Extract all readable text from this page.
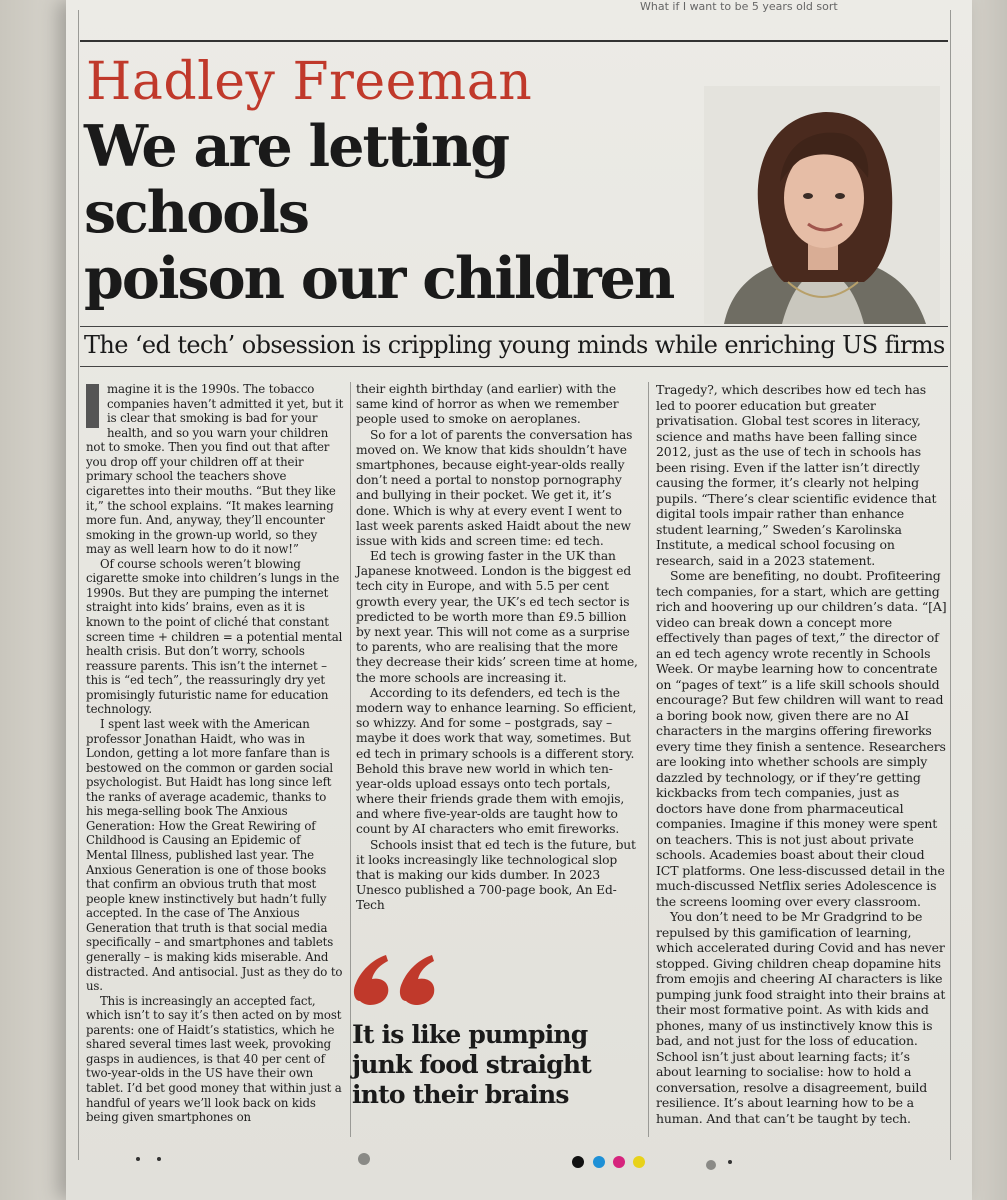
What if I want to be 5 years old sort
Hadley Freeman
We are letting schools
poison our children
The ‘ed tech’ obsession is crippling young minds while enriching US firms

magine it is the 1990s. The tobacco companies haven’t admitted it yet, but it is clear that smoking is bad for your health, and so you warn your children not to smoke. Then you find out that after you drop off your children off at their primary school the teachers shove cigarettes into their mouths. “But they like it,” the school explains. “It makes learning more fun. And, anyway, they’ll encounter smoking in the grown-up world, so they may as well learn how to do it now!”

Of course schools weren’t blowing cigarette smoke into children’s lungs in the 1990s. But they are pumping the internet straight into kids’ brains, even as it is known to the point of cliché that constant screen time + children = a potential mental health crisis. But don’t worry, schools reassure parents. This isn’t the internet – this is “ed tech”, the reassuringly dry yet promisingly futuristic name for education technology.

I spent last week with the American professor Jonathan Haidt, who was in London, getting a lot more fanfare than is bestowed on the common or garden social psychologist. But Haidt has long since left the ranks of average academic, thanks to his mega-selling book The Anxious Generation: How the Great Rewiring of Childhood is Causing an Epidemic of Mental Illness, published last year. The Anxious Generation is one of those books that confirm an obvious truth that most people knew instinctively but hadn’t fully accepted. In the case of The Anxious Generation that truth is that social media specifically – and smartphones and tablets generally – is making kids miserable. And distracted. And antisocial. Just as they do to us.

This is increasingly an accepted fact, which isn’t to say it’s then acted on by most parents: one of Haidt’s statistics, which he shared several times last week, provoking gasps in audiences, is that 40 per cent of two-year-olds in the US have their own tablet. I’d bet good money that within just a handful of years we’ll look back on kids being given smartphones on

their eighth birthday (and earlier) with the same kind of horror as when we remember people used to smoke on aeroplanes.

So for a lot of parents the conversation has moved on. We know that kids shouldn’t have smartphones, because eight-year-olds really don’t need a portal to nonstop pornography and bullying in their pocket. We get it, it’s done. Which is why at every event I went to last week parents asked Haidt about the new issue with kids and screen time: ed tech.

Ed tech is growing faster in the UK than Japanese knotweed. London is the biggest ed tech city in Europe, and with 5.5 per cent growth every year, the UK’s ed tech sector is predicted to be worth more than £9.5 billion by next year. This will not come as a surprise to parents, who are realising that the more they decrease their kids’ screen time at home, the more schools are increasing it.

According to its defenders, ed tech is the modern way to enhance learning. So efficient, so whizzy. And for some – postgrads, say – maybe it does work that way, sometimes. But ed tech in primary schools is a different story. Behold this brave new world in which ten-year-olds upload essays onto tech portals, where their friends grade them with emojis, and where five-year-olds are taught how to count by AI characters who emit fireworks.

Schools insist that ed tech is the future, but it looks increasingly like technological slop that is making our kids dumber. In 2023 Unesco published a 700-page book, An Ed-Tech

Tragedy?, which describes how ed tech has led to poorer education but greater privatisation. Global test scores in literacy, science and maths have been falling since 2012, just as the use of tech in schools has been rising. Even if the latter isn’t directly causing the former, it’s clearly not helping pupils. “There’s clear scientific evidence that digital tools impair rather than enhance student learning,” Sweden’s Karolinska Institute, a medical school focusing on research, said in a 2023 statement.

Some are benefiting, no doubt. Profiteering tech companies, for a start, which are getting rich and hoovering up our children’s data. “[A] video can break down a concept more effectively than pages of text,” the director of an ed tech agency wrote recently in Schools Week. Or maybe learning how to concentrate on “pages of text” is a life skill schools should encourage? But few children will want to read a boring book now, given there are no AI characters in the margins offering fireworks every time they finish a sentence. Researchers are looking into whether schools are simply dazzled by technology, or if they’re getting kickbacks from tech companies, just as doctors have done from pharmaceutical companies. Imagine if this money were spent on teachers. This is not just about private schools. Academies boast about their cloud ICT platforms. One less-discussed detail in the much-discussed Netflix series Adolescence is the screens looming over every classroom.

You don’t need to be Mr Gradgrind to be repulsed by this gamification of learning, which accelerated during Covid and has never stopped. Giving children cheap dopamine hits from emojis and cheering AI characters is like pumping junk food straight into their brains at their most formative point. As with kids and phones, many of us instinctively know this is bad, and not just for the loss of education. School isn’t just about learning facts; it’s about learning to socialise: how to hold a conversation, resolve a disagreement, build resilience. It’s about learning how to be a human. And that can’t be taught by tech.

It is like pumping
junk food straight
into their brains
